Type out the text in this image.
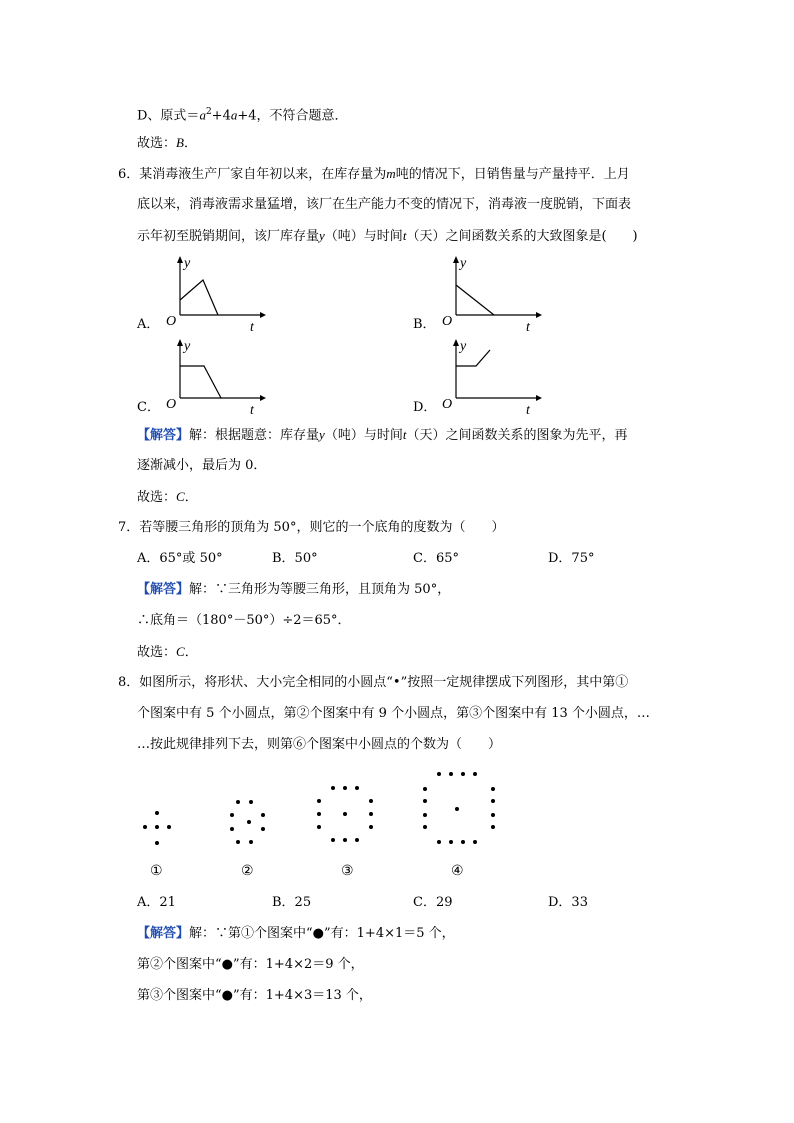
D、原式$=a^2+4a+4$，不符合题意．
故选：B．
6．某消毒液生产厂家自年初以来，在库存量为m吨的情况下，日销售量与产量持平．上月
底以来，消毒液需求量猛增，该厂在生产能力不变的情况下，消毒液一度脱销，下面表
示年初至脱销期间，该厂库存量y（吨）与时间t（天）之间函数关系的大致图象是(　　)
A．
y
O	t	B．
y
O	t
C．
y
O	t	D．
y
O	t
【解答】解：根据题意：库存量y（吨）与时间t（天）之间函数关系的图象为先平，再
逐渐减小，最后为 0．
故选：C．
7．若等腰三角形的顶角为 50°，则它的一个底角的度数为（　　）
A．65°或 50°	B．50°	C．65°	D．75°
【解答】解：∵三角形为等腰三角形，且顶角为 50°，
∴底角＝（180°－50°）÷2＝65°．
故选：C．
8．如图所示，将形状、大小完全相同的小圆点“•”按照一定规律摆成下列图形，其中第①
个图案中有 5 个小圆点，第②个图案中有 9 个小圆点，第③个图案中有 13 个小圆点，…
…按此规律排列下去，则第⑥个图案中小圆点的个数为（　　）
①	②	③	④
A．21	B．25	C．29	D．33
【解答】解：∵第①个图案中“●”有：1+4×1＝5 个，
第②个图案中“●”有：1+4×2＝9 个，
第③个图案中“●”有：1+4×3＝13 个，
